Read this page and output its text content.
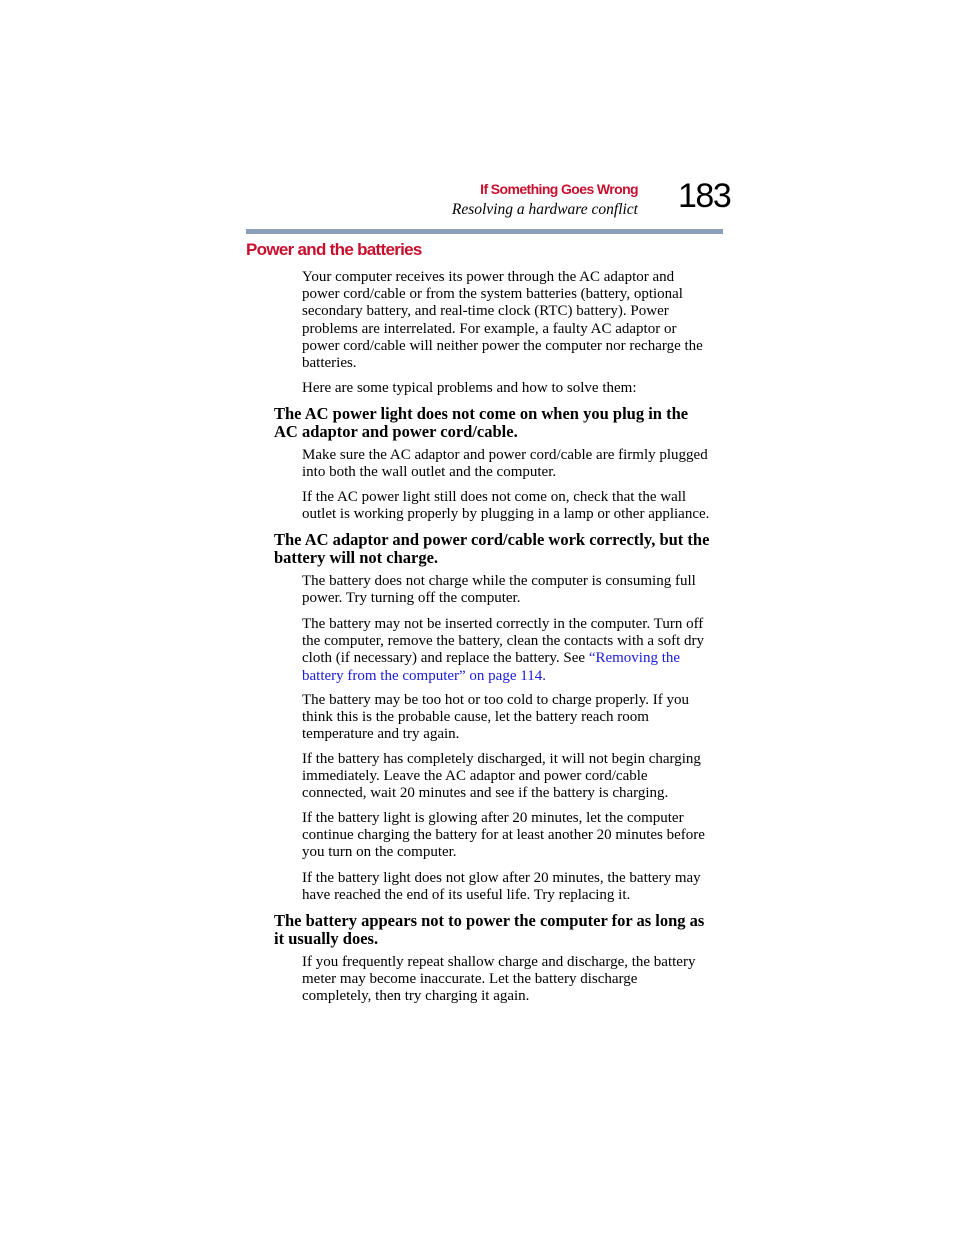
If Something Goes Wrong
Resolving a hardware conflict 183
Power and the batteries

Your computer receives its power through the AC adaptor and
power cord/cable or from the system batteries (battery, optional
secondary battery, and real-time clock (RTC) battery). Power
problems are interrelated. For example, a faulty AC adaptor or
power cord/cable will neither power the computer nor recharge the
batteries.

Here are some typical problems and how to solve them:

The AC power light does not come on when you plug in the
AC adaptor and power cord/cable.

Make sure the AC adaptor and power cord/cable are firmly plugged
into both the wall outlet and the computer.

If the AC power light still does not come on, check that the wall
outlet is working properly by plugging in a lamp or other appliance.

The AC adaptor and power cord/cable work correctly, but the
battery will not charge.

The battery does not charge while the computer is consuming full
power. Try turning off the computer.

The battery may not be inserted correctly in the computer. Turn off
the computer, remove the battery, clean the contacts with a soft dry
cloth (if necessary) and replace the battery. See “Removing the
battery from the computer” on page 114.

The battery may be too hot or too cold to charge properly. If you
think this is the probable cause, let the battery reach room
temperature and try again.

If the battery has completely discharged, it will not begin charging
immediately. Leave the AC adaptor and power cord/cable
connected, wait 20 minutes and see if the battery is charging.

If the battery light is glowing after 20 minutes, let the computer
continue charging the battery for at least another 20 minutes before
you turn on the computer.

If the battery light does not glow after 20 minutes, the battery may
have reached the end of its useful life. Try replacing it.

The battery appears not to power the computer for as long as
it usually does.

If you frequently repeat shallow charge and discharge, the battery
meter may become inaccurate. Let the battery discharge
completely, then try charging it again.
